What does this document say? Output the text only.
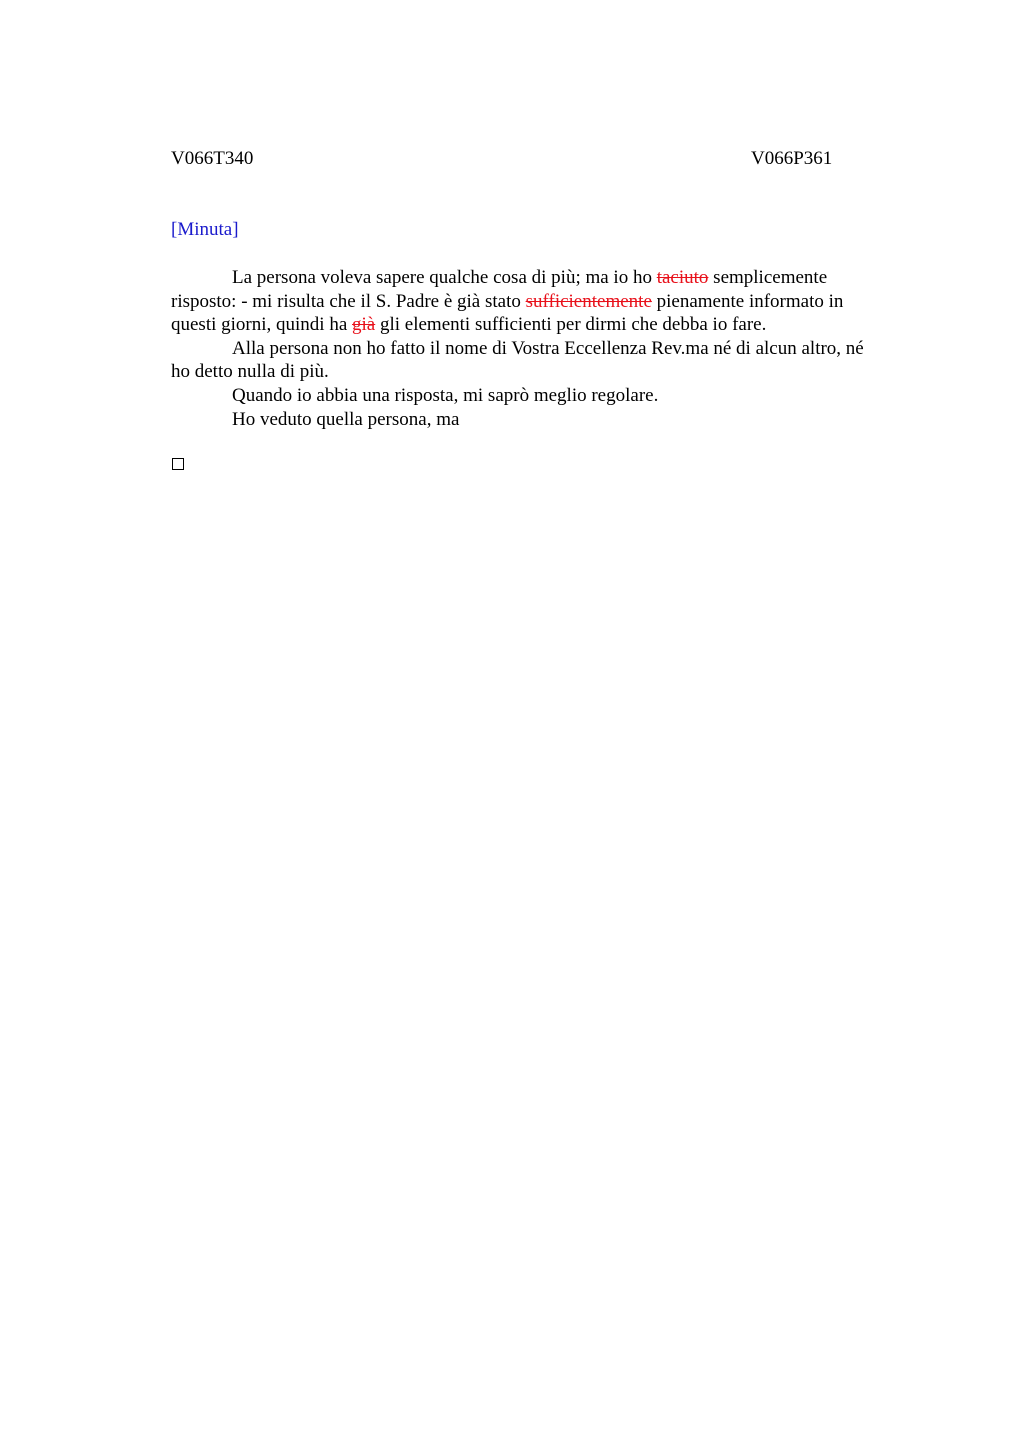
V066T340	V066P361
[Minuta]

La persona voleva sapere qualche cosa di più; ma io ho taciuto semplicemente
risposto: - mi risulta che il S. Padre è già stato sufficientemente pienamente informato in
questi giorni, quindi ha già gli elementi sufficienti per dirmi che debba io fare.

Alla persona non ho fatto il nome di Vostra Eccellenza Rev.ma né di alcun altro, né
ho detto nulla di più.

Quando io abbia una risposta, mi saprò meglio regolare.

Ho veduto quella persona, ma
